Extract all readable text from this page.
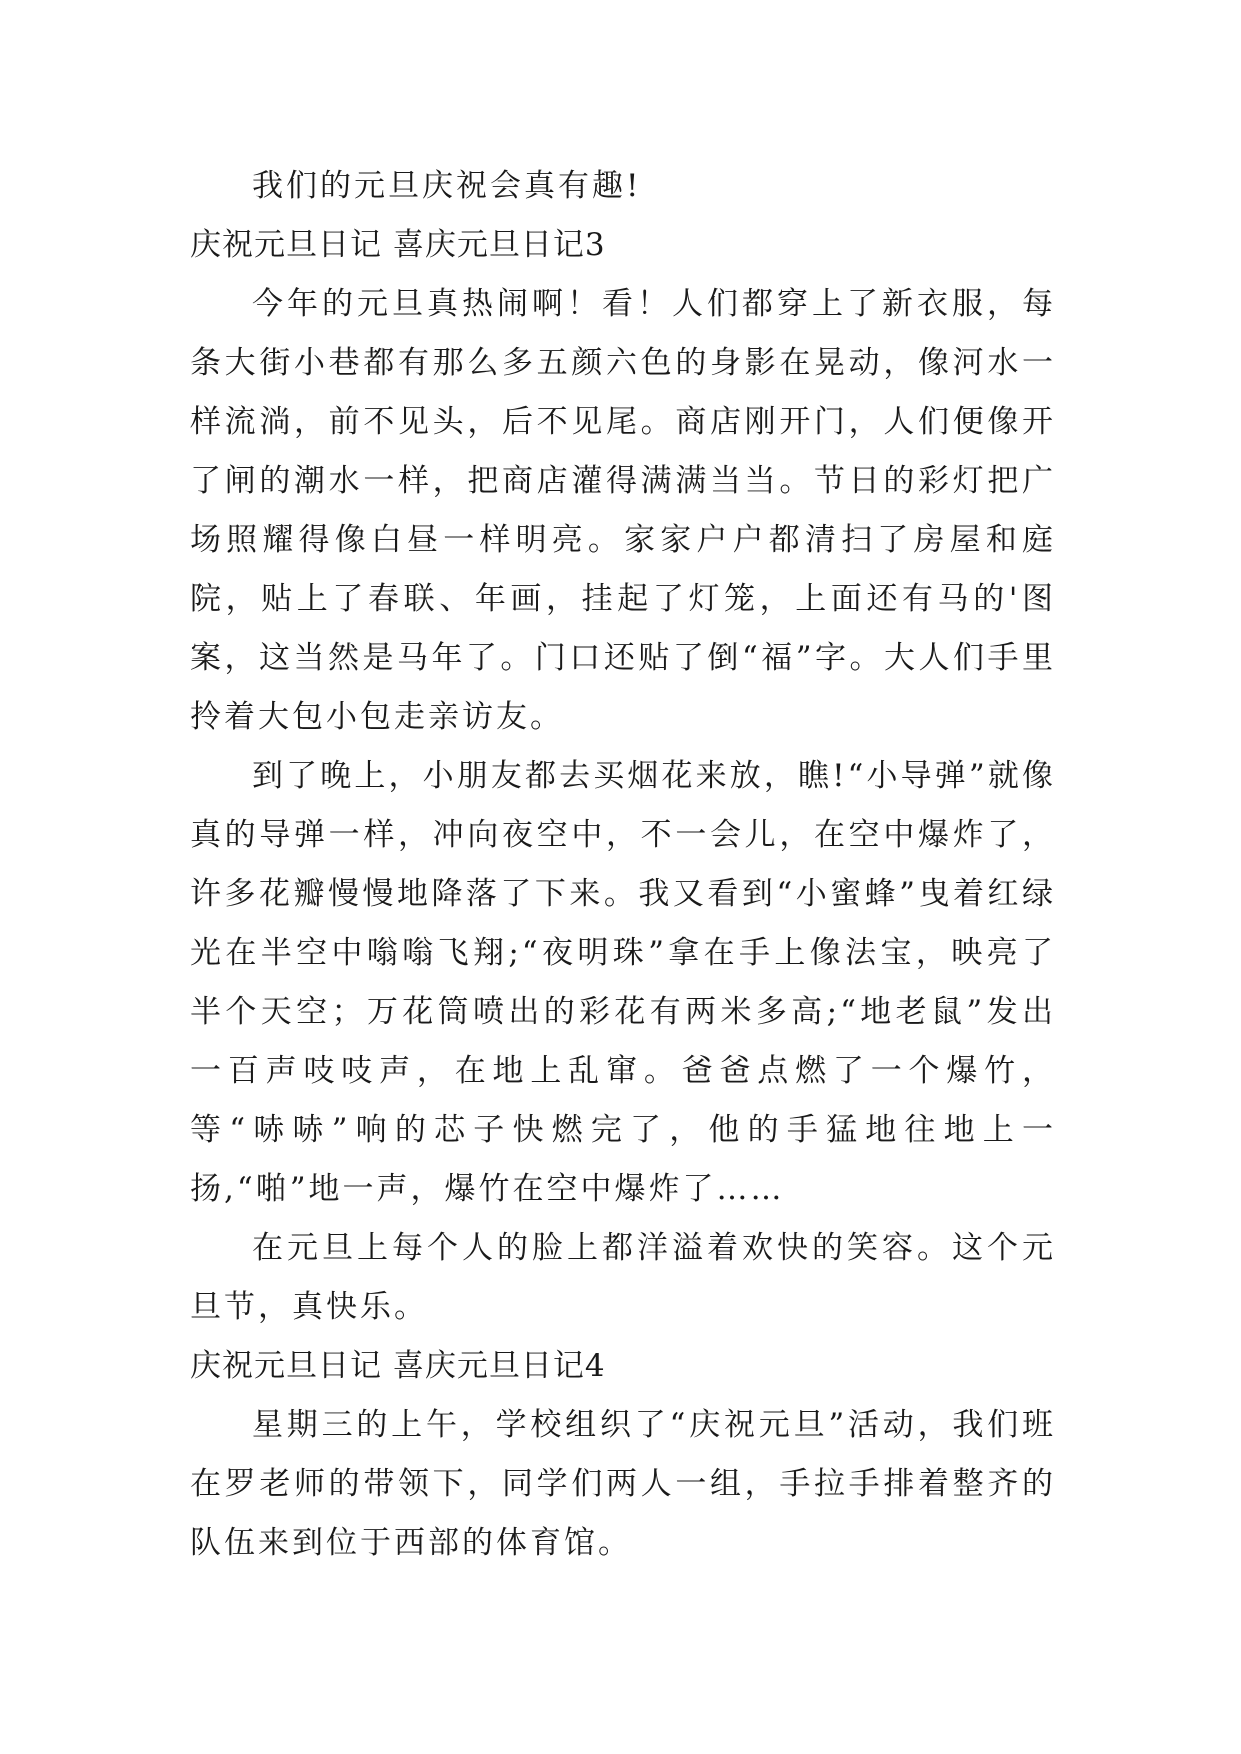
我们的元旦庆祝会真有趣!

庆祝元旦日记 喜庆元旦日记3

今年的元旦真热闹啊！看！人们都穿上了新衣服，每条大街小巷都有那么多五颜六色的身影在晃动，像河水一样流淌，前不见头，后不见尾。商店刚开门，人们便像开了闸的潮水一样，把商店灌得满满当当。节日的彩灯把广场照耀得像白昼一样明亮。家家户户都清扫了房屋和庭院，贴上了春联、年画，挂起了灯笼，上面还有马的'图案，这当然是马年了。门口还贴了倒“福”字。大人们手里拎着大包小包走亲访友。

到了晚上，小朋友都去买烟花来放，瞧!“小导弹”就像真的导弹一样，冲向夜空中，不一会儿，在空中爆炸了，许多花瓣慢慢地降落了下来。我又看到“小蜜蜂”曳着红绿光在半空中嗡嗡飞翔;“夜明珠”拿在手上像法宝，映亮了半个天空；万花筒喷出的彩花有两米多高;“地老鼠”发出一百声吱吱声，在地上乱窜。爸爸点燃了一个爆竹，等“哧哧”响的芯子快燃完了，他的手猛地往地上一扬,“啪”地一声，爆竹在空中爆炸了……

在元旦上每个人的脸上都洋溢着欢快的笑容。这个元旦节，真快乐。

庆祝元旦日记 喜庆元旦日记4

星期三的上午，学校组织了“庆祝元旦”活动，我们班在罗老师的带领下，同学们两人一组，手拉手排着整齐的队伍来到位于西部的体育馆。
